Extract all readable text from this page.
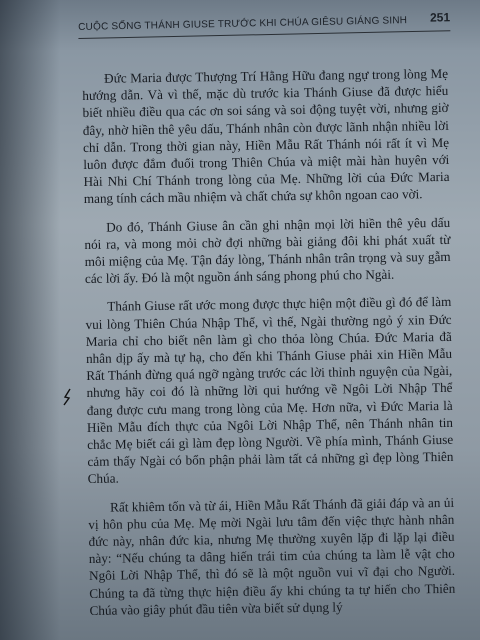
CUỘC SỐNG THÁNH GIUSE TRƯỚC KHI CHÚA GIÊSU GIÁNG SINH 251

Đức Maria được Thượng Trí Hằng Hữu đang ngự trong lòng Mẹ hướng dẫn. Và vì thế, mặc dù trước kia Thánh Giuse đã được hiểu biết nhiều điều qua các ơn soi sáng và soi động tuyệt vời, nhưng giờ đây, nhờ hiền thê yêu dấu, Thánh nhân còn được lãnh nhận nhiều lời chỉ dẫn. Trong thời gian này, Hiền Mẫu Rất Thánh nói rất ít vì Mẹ luôn được đắm đuối trong Thiên Chúa và miệt mài hàn huyên với Hài Nhi Chí Thánh trong lòng của Mẹ. Những lời của Đức Maria mang tính cách mầu nhiệm và chất chứa sự khôn ngoan cao vời.

Do đó, Thánh Giuse ân cần ghi nhận mọi lời hiền thê yêu dấu nói ra, và mong mỏi chờ đợi những bài giảng đôi khi phát xuất từ môi miệng của Mẹ. Tận đáy lòng, Thánh nhân trân trọng và suy gẫm các lời ấy. Đó là một nguồn ánh sáng phong phú cho Ngài.

Thánh Giuse rất ước mong được thực hiện một điều gì đó để làm vui lòng Thiên Chúa Nhập Thể, vì thế, Ngài thường ngỏ ý xin Đức Maria chỉ cho biết nên làm gì cho thỏa lòng Chúa. Đức Maria đã nhân dịp ấy mà tự hạ, cho đến khi Thánh Giuse phải xin Hiền Mẫu Rất Thánh đừng quá ngỡ ngàng trước các lời thỉnh nguyện của Ngài, nhưng hãy coi đó là những lời qui hướng về Ngôi Lời Nhập Thể đang được cưu mang trong lòng của Mẹ. Hơn nữa, vì Đức Maria là Hiền Mẫu đích thực của Ngôi Lời Nhập Thể, nên Thánh nhân tin chắc Mẹ biết cái gì làm đẹp lòng Người. Về phía mình, Thánh Giuse cảm thấy Ngài có bổn phận phải làm tất cả những gì đẹp lòng Thiên Chúa.

Rất khiêm tốn và từ ái, Hiền Mẫu Rất Thánh đã giải đáp và an ủi vị hôn phu của Mẹ. Mẹ mời Ngài lưu tâm đến việc thực hành nhân đức này, nhân đức kia, nhưng Mẹ thường xuyên lặp đi lặp lại điều này: “Nếu chúng ta dâng hiến trái tim của chúng ta làm lễ vật cho Ngôi Lời Nhập Thể, thì đó sẽ là một nguồn vui vĩ đại cho Người. Chúng ta đã từng thực hiện điều ấy khi chúng ta tự hiến cho Thiên Chúa vào giây phút đầu tiên vừa biết sử dụng lý
